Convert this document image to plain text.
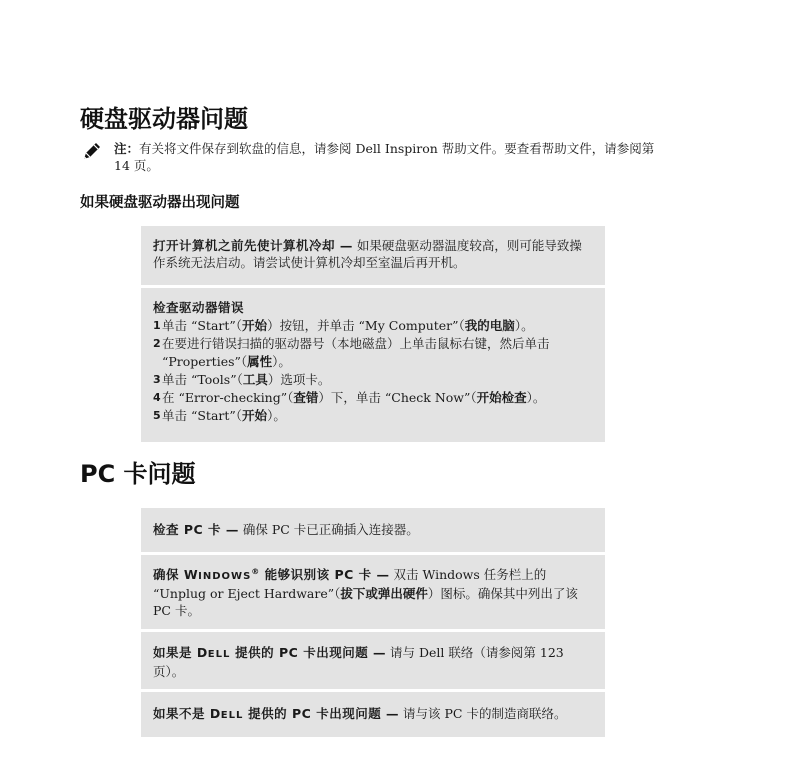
硬盘驱动器问题
注：有关将文件保存到软盘的信息，请参阅 Dell Inspiron 帮助文件。要查看帮助文件，请参阅第 14 页。
如果硬盘驱动器出现问题
打开计算机之前先使计算机冷却 — 如果硬盘驱动器温度较高，则可能导致操作系统无法启动。请尝试使计算机冷却至室温后再开机。
检查驱动器错误
1 单击 “Start”（开始）按钮，并单击 “My Computer”（我的电脑）。
2 在要进行错误扫描的驱动器号（本地磁盘）上单击鼠标右键，然后单击 “Properties”（属性）。
3 单击 “Tools”（工具）选项卡。
4 在 “Error-checking”（查错）下，单击 “Check Now”（开始检查）。
5 单击 “Start”（开始）。
PC 卡问题
检查 PC 卡 — 确保 PC 卡已正确插入连接器。
确保 WINDOWS® 能够识别该 PC 卡 — 双击 Windows 任务栏上的 “Unplug or Eject Hardware”（拔下或弹出硬件）图标。确保其中列出了该 PC 卡。
如果是 DELL 提供的 PC 卡出现问题 — 请与 Dell 联络（请参阅第 123 页）。
如果不是 DELL 提供的 PC 卡出现问题 — 请与该 PC 卡的制造商联络。
